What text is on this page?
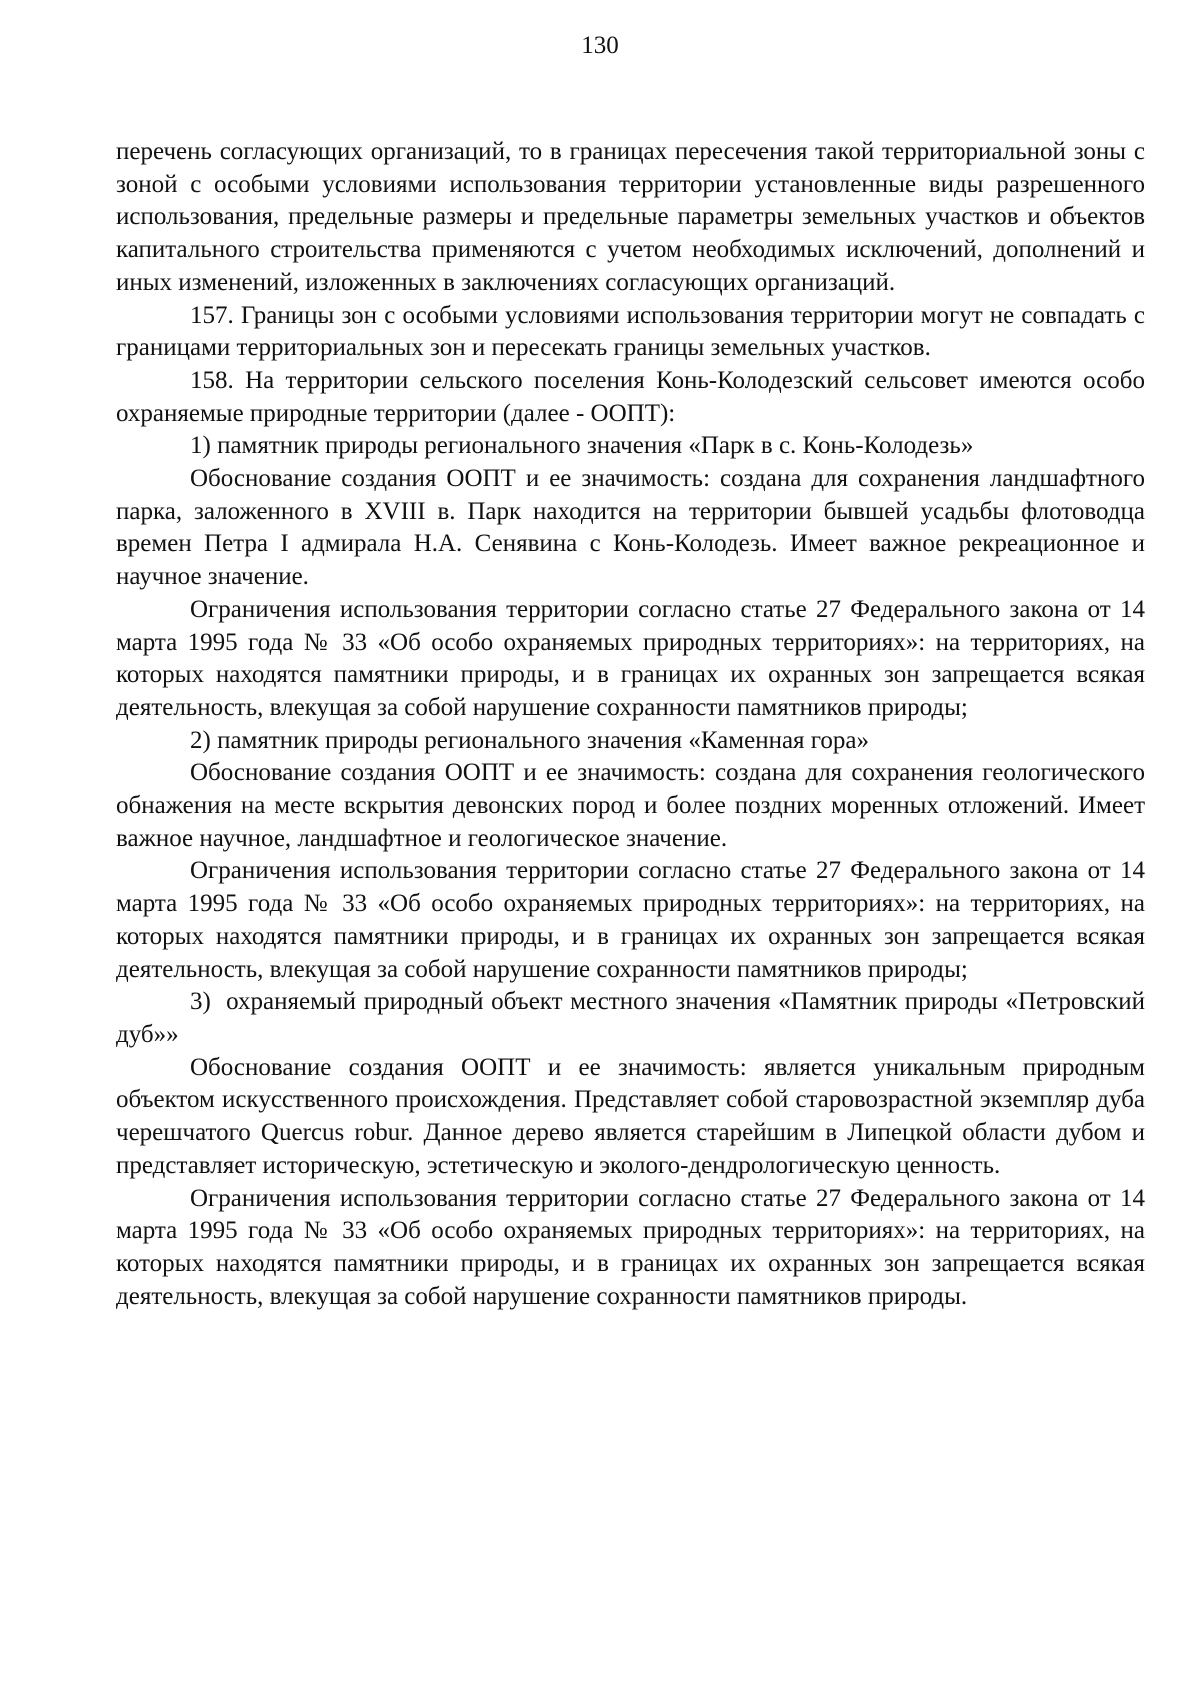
130

перечень согласующих организаций, то в границах пересечения такой территориальной зоны с зоной с особыми условиями использования территории установленные виды разрешенного использования, предельные размеры и предельные параметры земельных участков и объектов капитального строительства применяются с учетом необходимых исключений, дополнений и иных изменений, изложенных в заключениях согласующих организаций.

157. Границы зон с особыми условиями использования территории могут не совпадать с границами территориальных зон и пересекать границы земельных участков.

158. На территории сельского поселения Конь-Колодезский сельсовет имеются особо охраняемые природные территории (далее - ООПТ):

1) памятник природы регионального значения «Парк в с. Конь-Колодезь»

Обоснование создания ООПТ и ее значимость: создана для сохранения ландшафтного парка, заложенного в XVIII в. Парк находится на территории бывшей усадьбы флотоводца времен Петра I адмирала Н.А. Сенявина с Конь-Колодезь. Имеет важное рекреационное и научное значение.

Ограничения использования территории согласно статье 27 Федерального закона от 14 марта 1995 года № 33 «Об особо охраняемых природных территориях»: на территориях, на которых находятся памятники природы, и в границах их охранных зон запрещается всякая деятельность, влекущая за собой нарушение сохранности памятников природы;

2) памятник природы регионального значения «Каменная гора»

Обоснование создания ООПТ и ее значимость: создана для сохранения геологического обнажения на месте вскрытия девонских пород и более поздних моренных отложений. Имеет важное научное, ландшафтное и геологическое значение.

Ограничения использования территории согласно статье 27 Федерального закона от 14 марта 1995 года № 33 «Об особо охраняемых природных территориях»: на территориях, на которых находятся памятники природы, и в границах их охранных зон запрещается всякая деятельность, влекущая за собой нарушение сохранности памятников природы;

3)  охраняемый природный объект местного значения «Памятник природы «Петровский дуб»»

Обоснование создания ООПТ и ее значимость: является уникальным природным объектом искусственного происхождения. Представляет собой старовозрастной экземпляр дуба черешчатого Quercus robur. Данное дерево является старейшим в Липецкой области дубом и представляет историческую, эстетическую и эколого-дендрологическую ценность.

Ограничения использования территории согласно статье 27 Федерального закона от 14 марта 1995 года № 33 «Об особо охраняемых природных территориях»: на территориях, на которых находятся памятники природы, и в границах их охранных зон запрещается всякая деятельность, влекущая за собой нарушение сохранности памятников природы.
